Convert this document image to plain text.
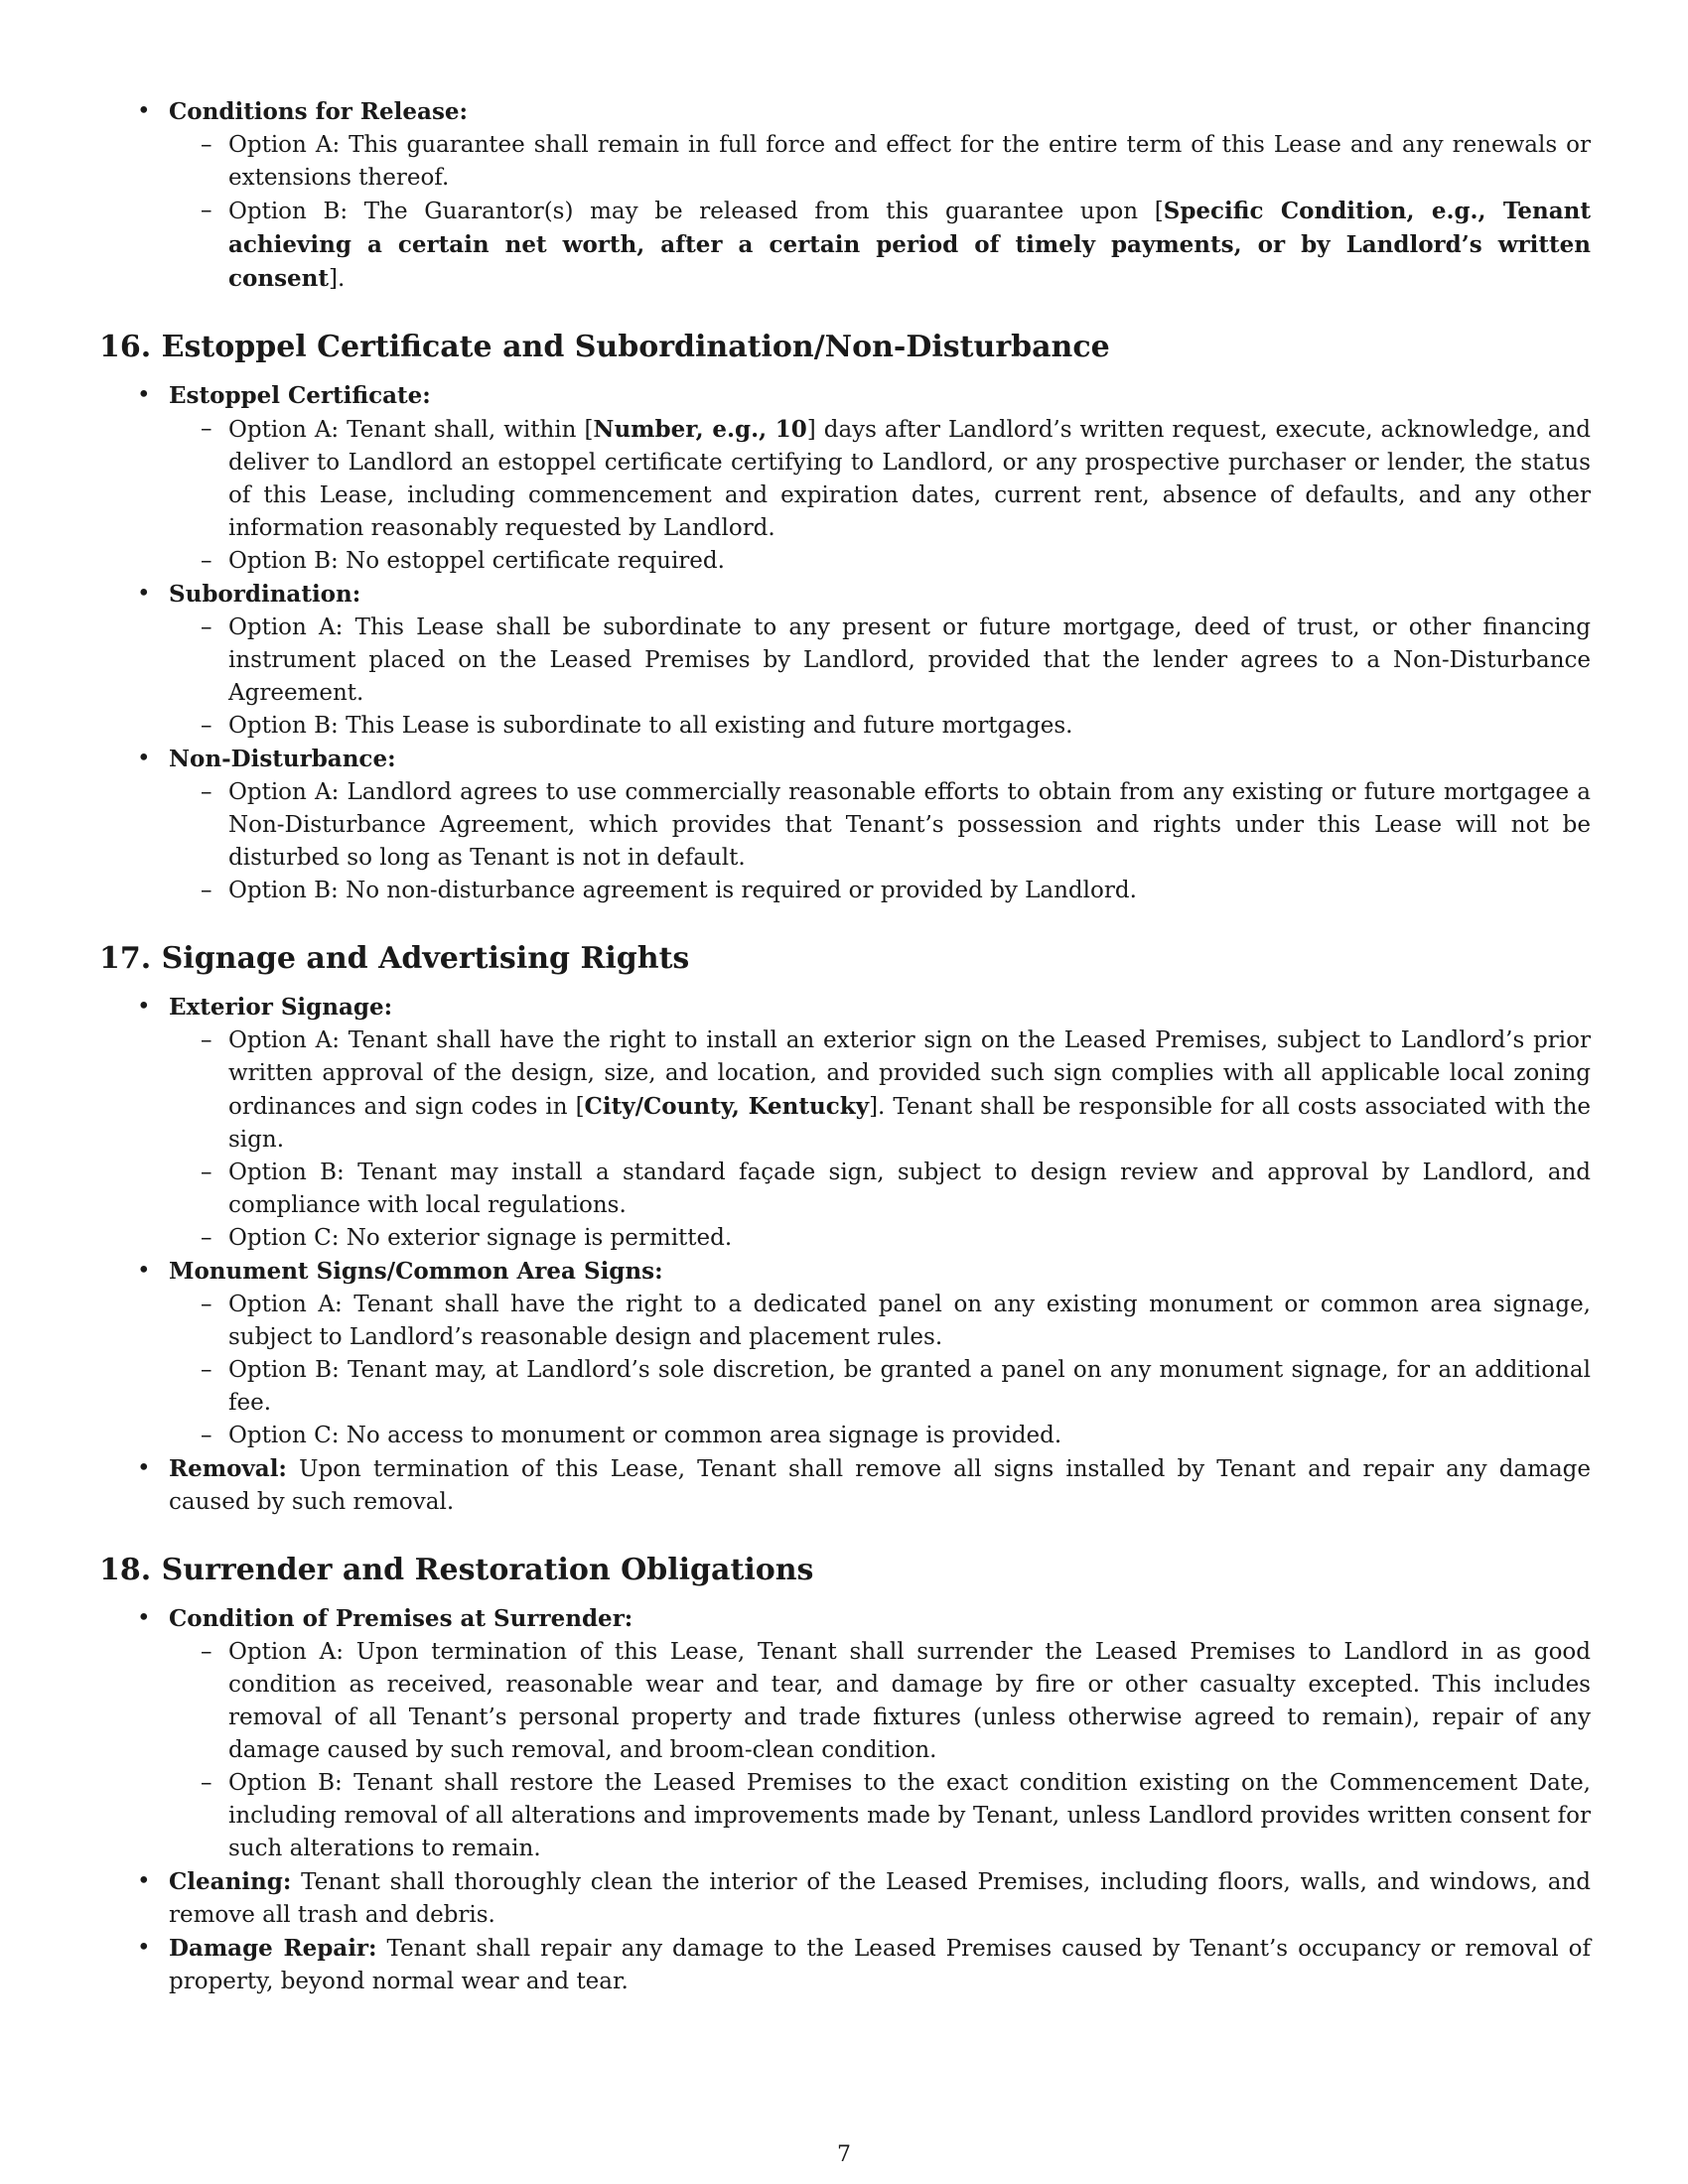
• Conditions for Release:
– Option A: This guarantee shall remain in full force and effect for the entire term of this Lease and any renewals or extensions thereof.
– Option B: The Guarantor(s) may be released from this guarantee upon [Specific Condition, e.g., Tenant achieving a certain net worth, after a certain period of timely payments, or by Landlord’s written consent].
16. Estoppel Certificate and Subordination/Non-Disturbance
• Estoppel Certificate:
– Option A: Tenant shall, within [Number, e.g., 10] days after Landlord’s written request, execute, acknowledge, and deliver to Landlord an estoppel certificate certifying to Landlord, or any prospective purchaser or lender, the status of this Lease, including commencement and expiration dates, current rent, absence of defaults, and any other information reasonably requested by Landlord.
– Option B: No estoppel certificate required.
• Subordination:
– Option A: This Lease shall be subordinate to any present or future mortgage, deed of trust, or other financing instrument placed on the Leased Premises by Landlord, provided that the lender agrees to a Non-Disturbance Agreement.
– Option B: This Lease is subordinate to all existing and future mortgages.
• Non-Disturbance:
– Option A: Landlord agrees to use commercially reasonable efforts to obtain from any existing or future mortgagee a Non-Disturbance Agreement, which provides that Tenant’s possession and rights under this Lease will not be disturbed so long as Tenant is not in default.
– Option B: No non-disturbance agreement is required or provided by Landlord.
17. Signage and Advertising Rights
• Exterior Signage:
– Option A: Tenant shall have the right to install an exterior sign on the Leased Premises, subject to Landlord’s prior written approval of the design, size, and location, and provided such sign complies with all applicable local zoning ordinances and sign codes in [City/County, Kentucky]. Tenant shall be responsible for all costs associated with the sign.
– Option B: Tenant may install a standard façade sign, subject to design review and approval by Landlord, and compliance with local regulations.
– Option C: No exterior signage is permitted.
• Monument Signs/Common Area Signs:
– Option A: Tenant shall have the right to a dedicated panel on any existing monument or common area signage, subject to Landlord’s reasonable design and placement rules.
– Option B: Tenant may, at Landlord’s sole discretion, be granted a panel on any monument signage, for an additional fee.
– Option C: No access to monument or common area signage is provided.
• Removal: Upon termination of this Lease, Tenant shall remove all signs installed by Tenant and repair any damage caused by such removal.
18. Surrender and Restoration Obligations
• Condition of Premises at Surrender:
– Option A: Upon termination of this Lease, Tenant shall surrender the Leased Premises to Landlord in as good condition as received, reasonable wear and tear, and damage by fire or other casualty excepted. This includes removal of all Tenant’s personal property and trade fixtures (unless otherwise agreed to remain), repair of any damage caused by such removal, and broom-clean condition.
– Option B: Tenant shall restore the Leased Premises to the exact condition existing on the Commencement Date, including removal of all alterations and improvements made by Tenant, unless Landlord provides written consent for such alterations to remain.
• Cleaning: Tenant shall thoroughly clean the interior of the Leased Premises, including floors, walls, and windows, and remove all trash and debris.
• Damage Repair: Tenant shall repair any damage to the Leased Premises caused by Tenant’s occupancy or removal of property, beyond normal wear and tear.
7
